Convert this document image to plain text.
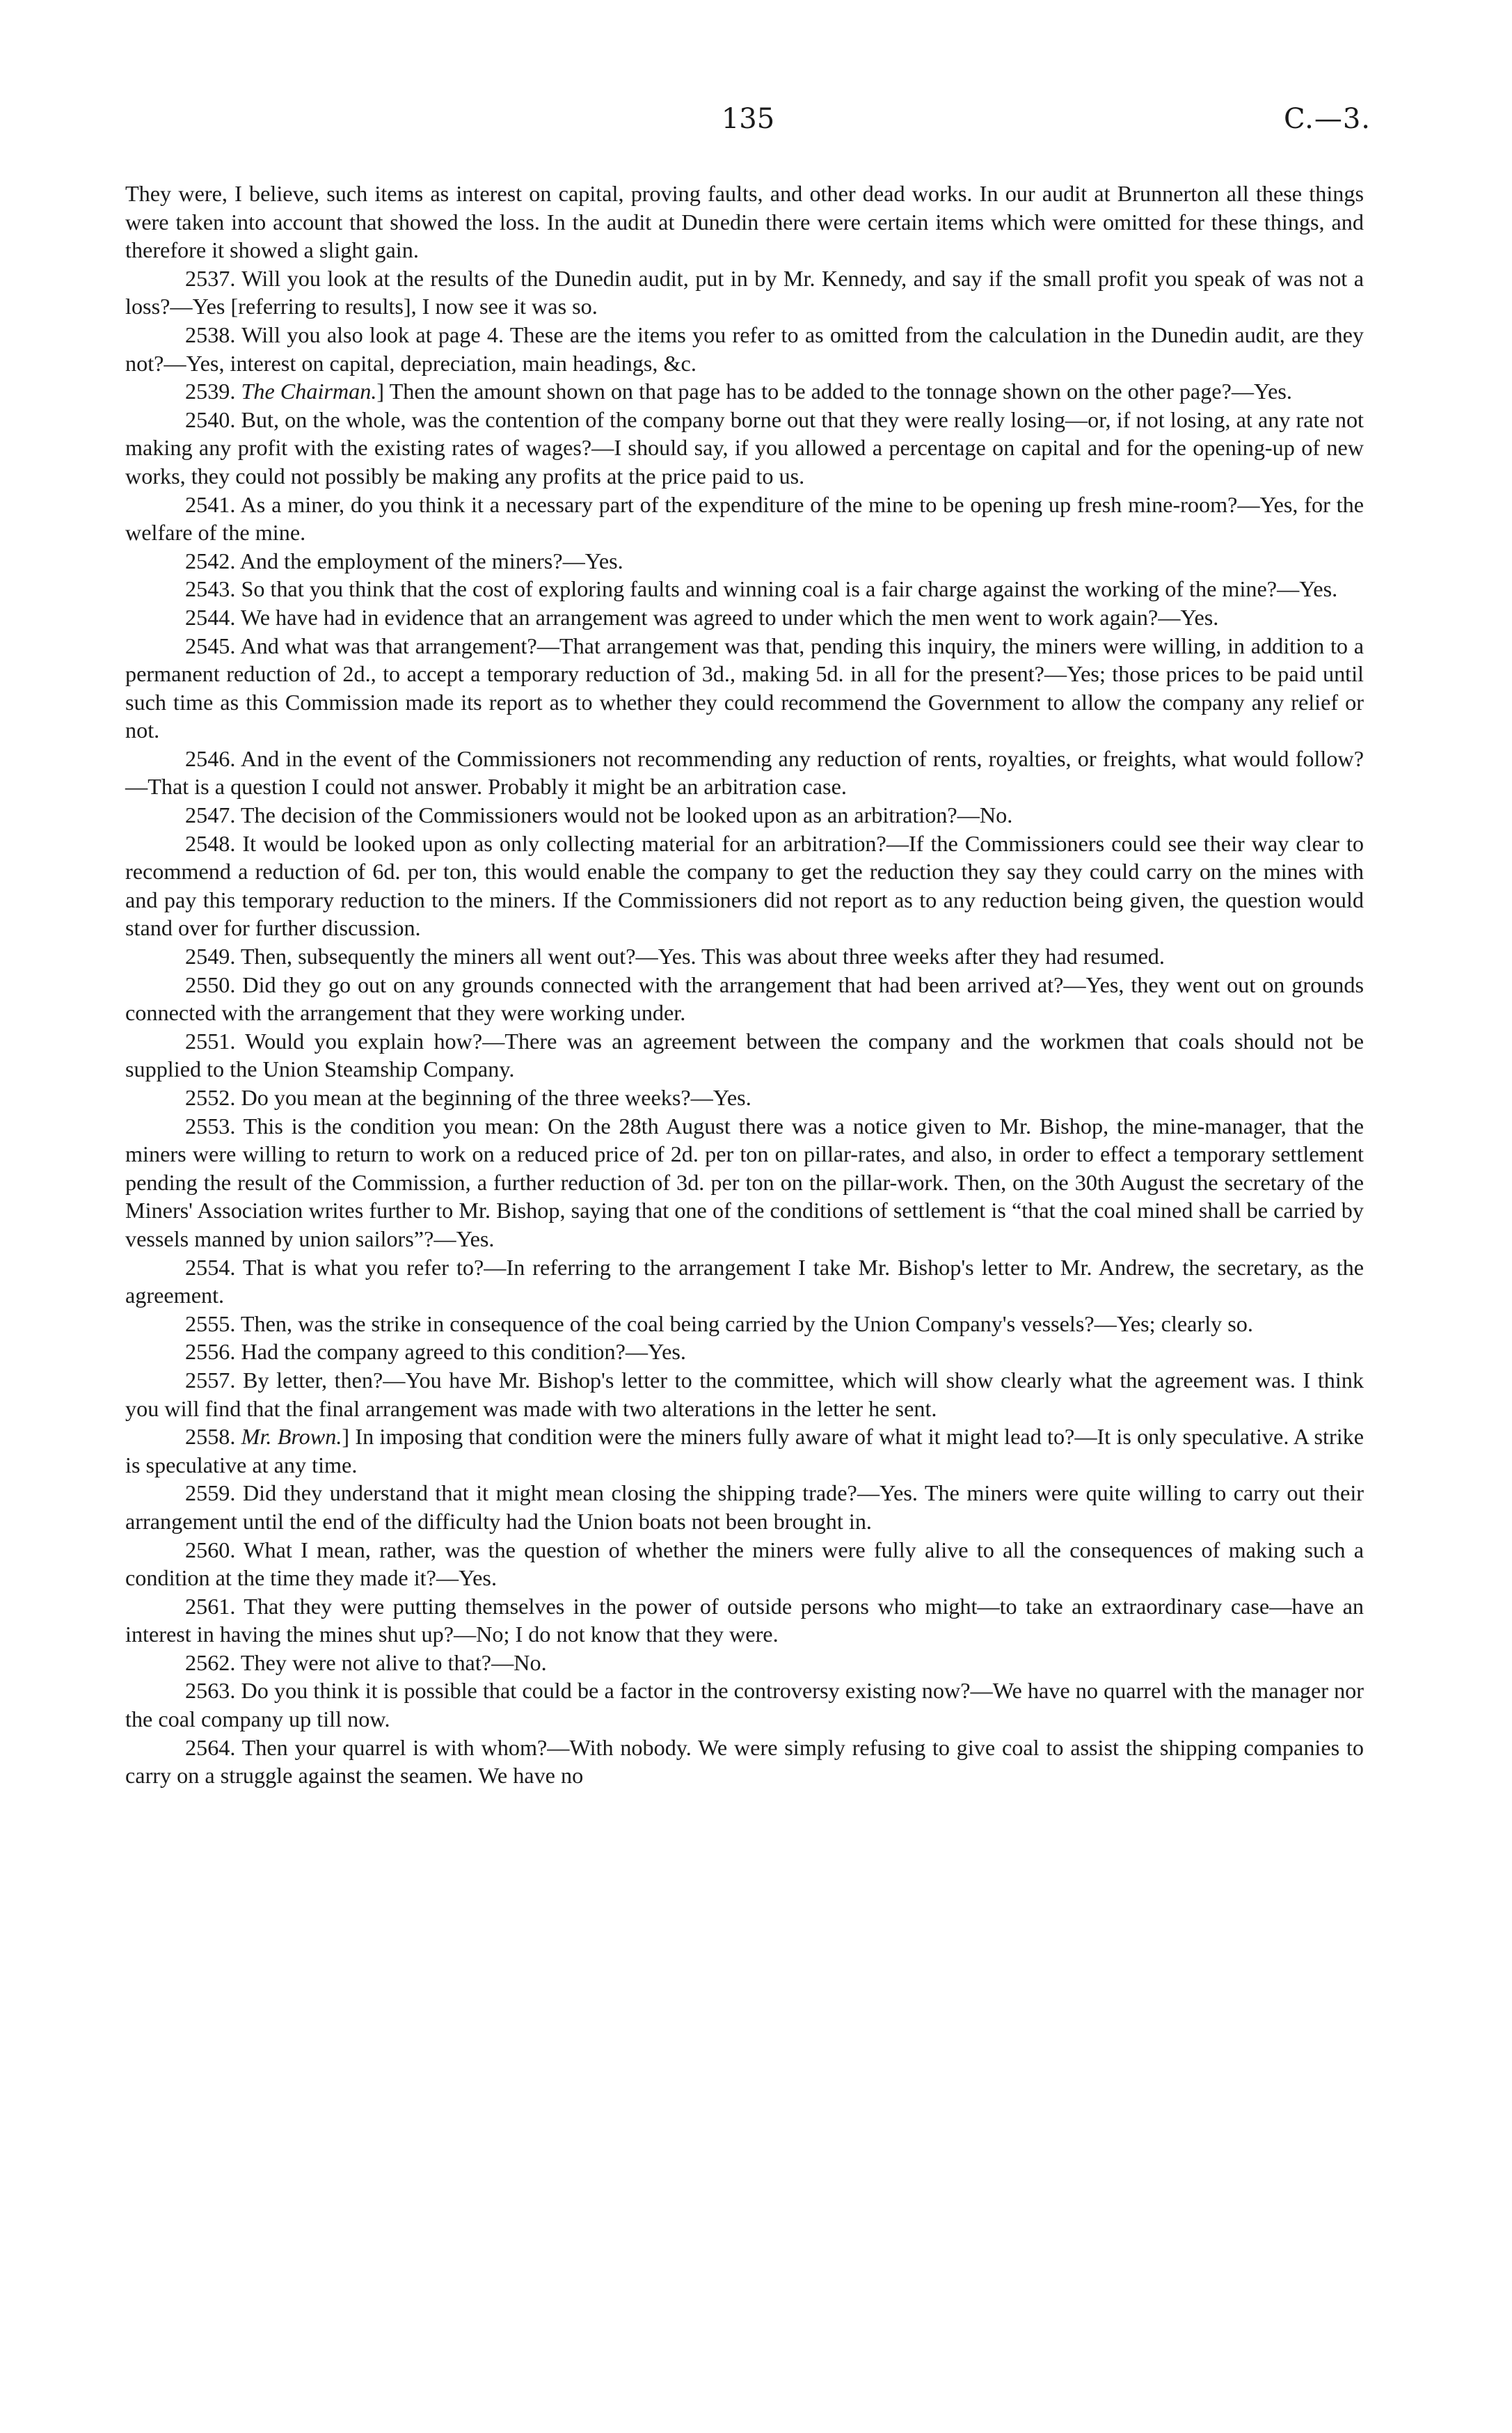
135	C.—3.

They were, I believe, such items as interest on capital, proving faults, and other dead works. In our audit at Brunnerton all these things were taken into account that showed the loss. In the audit at Dunedin there were certain items which were omitted for these things, and therefore it showed a slight gain.

2537. Will you look at the results of the Dunedin audit, put in by Mr. Kennedy, and say if the small profit you speak of was not a loss?—Yes [referring to results], I now see it was so.

2538. Will you also look at page 4. These are the items you refer to as omitted from the calculation in the Dunedin audit, are they not?—Yes, interest on capital, depreciation, main headings, &c.

2539. The Chairman.] Then the amount shown on that page has to be added to the tonnage shown on the other page?—Yes.

2540. But, on the whole, was the contention of the company borne out that they were really losing—or, if not losing, at any rate not making any profit with the existing rates of wages?—I should say, if you allowed a percentage on capital and for the opening-up of new works, they could not possibly be making any profits at the price paid to us.

2541. As a miner, do you think it a necessary part of the expenditure of the mine to be opening up fresh mine-room?—Yes, for the welfare of the mine.

2542. And the employment of the miners?—Yes.

2543. So that you think that the cost of exploring faults and winning coal is a fair charge against the working of the mine?—Yes.

2544. We have had in evidence that an arrangement was agreed to under which the men went to work again?—Yes.

2545. And what was that arrangement?—That arrangement was that, pending this inquiry, the miners were willing, in addition to a permanent reduction of 2d., to accept a temporary reduction of 3d., making 5d. in all for the present?—Yes; those prices to be paid until such time as this Commission made its report as to whether they could recommend the Government to allow the company any relief or not.

2546. And in the event of the Commissioners not recommending any reduction of rents, royalties, or freights, what would follow?—That is a question I could not answer. Probably it might be an arbitration case.

2547. The decision of the Commissioners would not be looked upon as an arbitration?—No.

2548. It would be looked upon as only collecting material for an arbitration?—If the Commissioners could see their way clear to recommend a reduction of 6d. per ton, this would enable the company to get the reduction they say they could carry on the mines with and pay this temporary reduction to the miners. If the Commissioners did not report as to any reduction being given, the question would stand over for further discussion.

2549. Then, subsequently the miners all went out?—Yes. This was about three weeks after they had resumed.

2550. Did they go out on any grounds connected with the arrangement that had been arrived at?—Yes, they went out on grounds connected with the arrangement that they were working under.

2551. Would you explain how?—There was an agreement between the company and the workmen that coals should not be supplied to the Union Steamship Company.

2552. Do you mean at the beginning of the three weeks?—Yes.

2553. This is the condition you mean: On the 28th August there was a notice given to Mr. Bishop, the mine-manager, that the miners were willing to return to work on a reduced price of 2d. per ton on pillar-rates, and also, in order to effect a temporary settlement pending the result of the Commission, a further reduction of 3d. per ton on the pillar-work. Then, on the 30th August the secretary of the Miners' Association writes further to Mr. Bishop, saying that one of the conditions of settlement is “that the coal mined shall be carried by vessels manned by union sailors”?—Yes.

2554. That is what you refer to?—In referring to the arrangement I take Mr. Bishop's letter to Mr. Andrew, the secretary, as the agreement.

2555. Then, was the strike in consequence of the coal being carried by the Union Company's vessels?—Yes; clearly so.

2556. Had the company agreed to this condition?—Yes.

2557. By letter, then?—You have Mr. Bishop's letter to the committee, which will show clearly what the agreement was. I think you will find that the final arrangement was made with two alterations in the letter he sent.

2558. Mr. Brown.] In imposing that condition were the miners fully aware of what it might lead to?—It is only speculative. A strike is speculative at any time.

2559. Did they understand that it might mean closing the shipping trade?—Yes. The miners were quite willing to carry out their arrangement until the end of the difficulty had the Union boats not been brought in.

2560. What I mean, rather, was the question of whether the miners were fully alive to all the consequences of making such a condition at the time they made it?—Yes.

2561. That they were putting themselves in the power of outside persons who might—to take an extraordinary case—have an interest in having the mines shut up?—No; I do not know that they were.

2562. They were not alive to that?—No.

2563. Do you think it is possible that could be a factor in the controversy existing now?—We have no quarrel with the manager nor the coal company up till now.

2564. Then your quarrel is with whom?—With nobody. We were simply refusing to give coal to assist the shipping companies to carry on a struggle against the seamen. We have no
